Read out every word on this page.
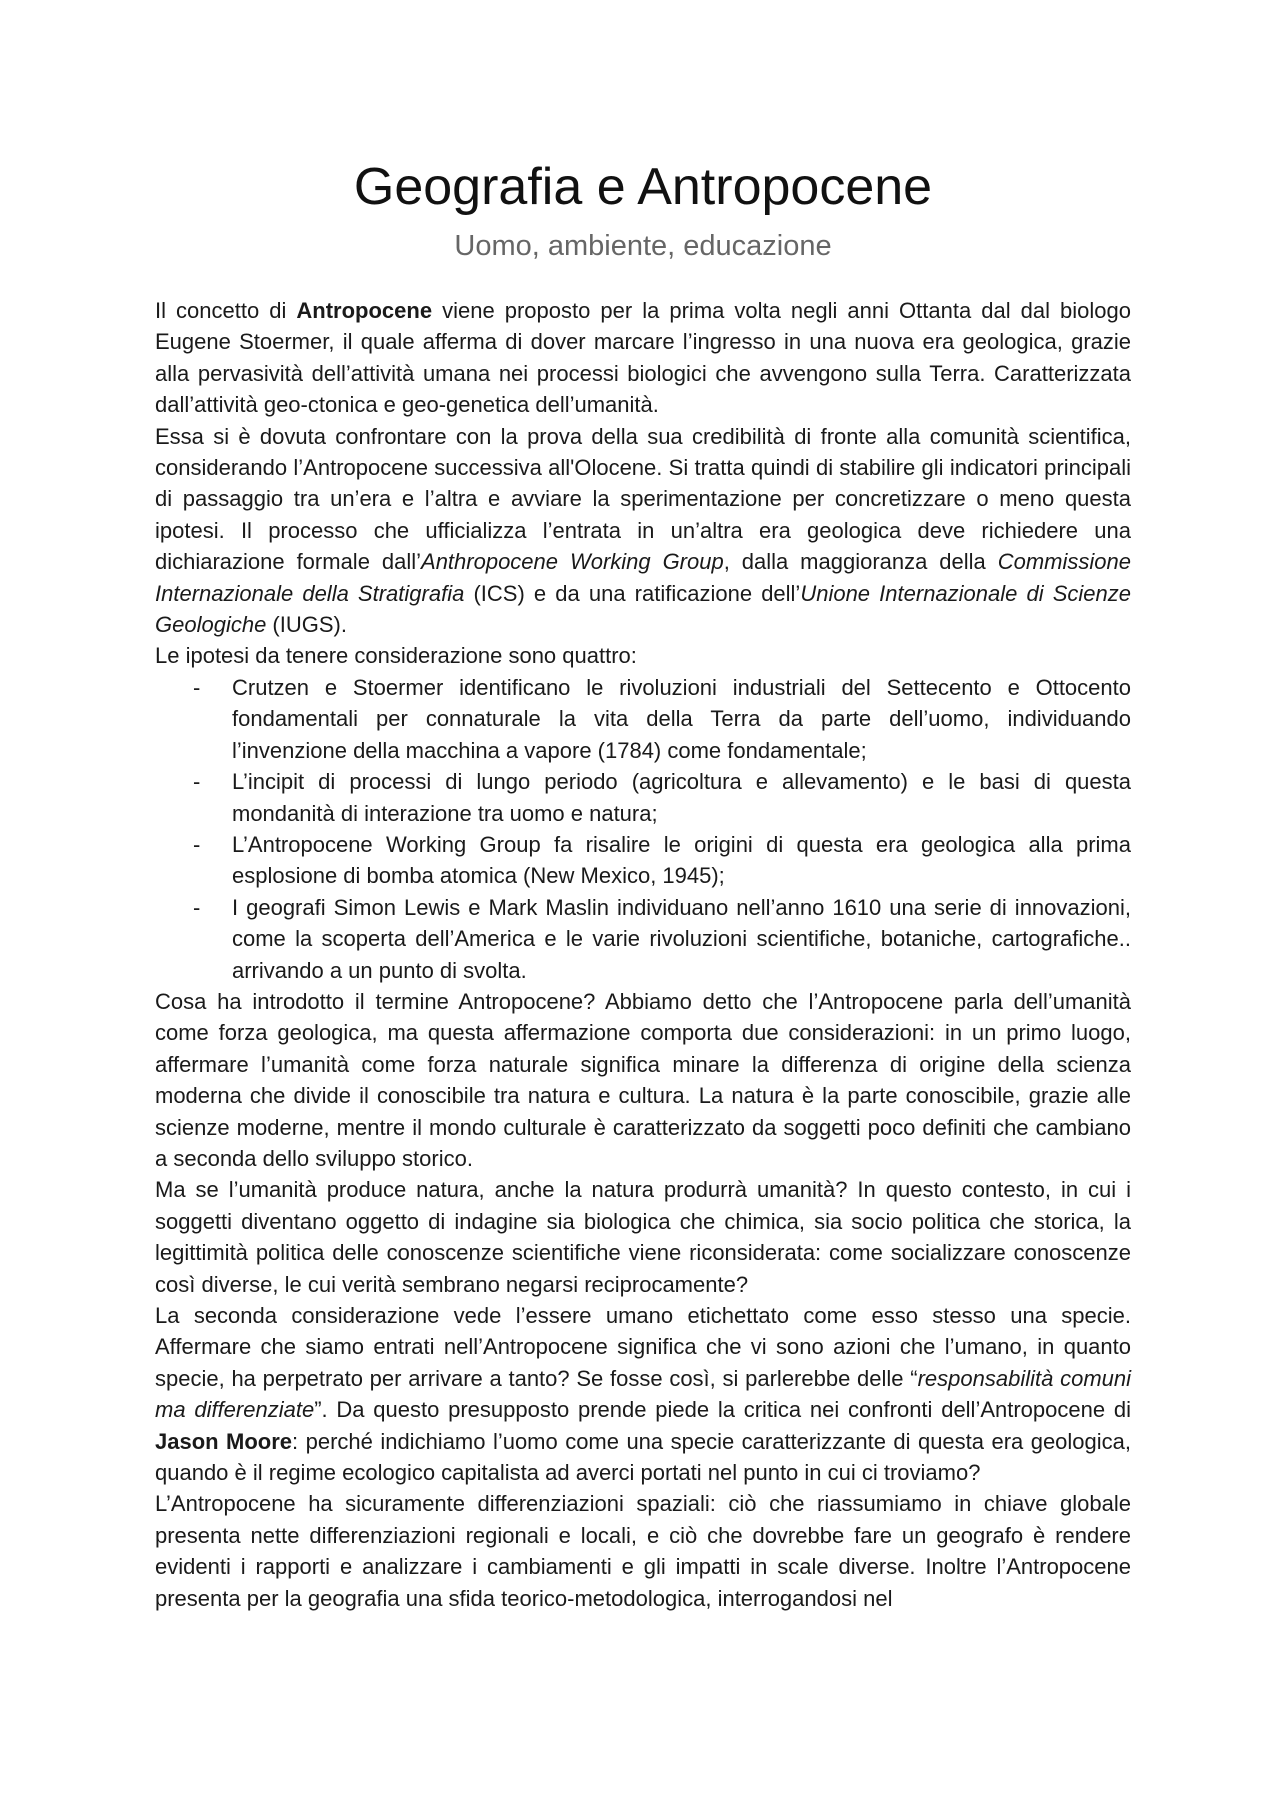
Geografia e Antropocene
Uomo, ambiente, educazione

Il concetto di Antropocene viene proposto per la prima volta negli anni Ottanta dal dal biologo Eugene Stoermer, il quale afferma di dover marcare l’ingresso in una nuova era geologica, grazie alla pervasività dell’attività umana nei processi biologici che avvengono sulla Terra. Caratterizzata dall’attività geo-ctonica e geo-genetica dell’umanità.

Essa si è dovuta confrontare con la prova della sua credibilità di fronte alla comunità scientifica, considerando l’Antropocene successiva all'Olocene. Si tratta quindi di stabilire gli indicatori principali di passaggio tra un’era e l’altra e avviare la sperimentazione per concretizzare o meno questa ipotesi. Il processo che ufficializza l’entrata in un’altra era geologica deve richiedere una dichiarazione formale dall’Anthropocene Working Group, dalla maggioranza della Commissione Internazionale della Stratigrafia (ICS) e da una ratificazione dell’Unione Internazionale di Scienze Geologiche (IUGS).

Le ipotesi da tenere considerazione sono quattro:

- Crutzen e Stoermer identificano le rivoluzioni industriali del Settecento e Ottocento fondamentali per connaturale la vita della Terra da parte dell’uomo, individuando l’invenzione della macchina a vapore (1784) come fondamentale;
- L’incipit di processi di lungo periodo (agricoltura e allevamento) e le basi di questa mondanità di interazione tra uomo e natura;
- L’Antropocene Working Group fa risalire le origini di questa era geologica alla prima esplosione di bomba atomica (New Mexico, 1945);
- I geografi Simon Lewis e Mark Maslin individuano nell’anno 1610 una serie di innovazioni, come la scoperta dell’America e le varie rivoluzioni scientifiche, botaniche, cartografiche.. arrivando a un punto di svolta.

Cosa ha introdotto il termine Antropocene? Abbiamo detto che l’Antropocene parla dell’umanità come forza geologica, ma questa affermazione comporta due considerazioni: in un primo luogo, affermare l’umanità come forza naturale significa minare la differenza di origine della scienza moderna che divide il conoscibile tra natura e cultura. La natura è la parte conoscibile, grazie alle scienze moderne, mentre il mondo culturale è caratterizzato da soggetti poco definiti che cambiano a seconda dello sviluppo storico.

Ma se l’umanità produce natura, anche la natura produrrà umanità? In questo contesto, in cui i soggetti diventano oggetto di indagine sia biologica che chimica, sia socio politica che storica, la legittimità politica delle conoscenze scientifiche viene riconsiderata: come socializzare conoscenze così diverse, le cui verità sembrano negarsi reciprocamente?

La seconda considerazione vede l’essere umano etichettato come esso stesso una specie. Affermare che siamo entrati nell’Antropocene significa che vi sono azioni che l’umano, in quanto specie, ha perpetrato per arrivare a tanto? Se fosse così, si parlerebbe delle “responsabilità comuni ma differenziate”. Da questo presupposto prende piede la critica nei confronti dell’Antropocene di Jason Moore: perché indichiamo l’uomo come una specie caratterizzante di questa era geologica, quando è il regime ecologico capitalista ad averci portati nel punto in cui ci troviamo?

L’Antropocene ha sicuramente differenziazioni spaziali: ciò che riassumiamo in chiave globale presenta nette differenziazioni regionali e locali, e ciò che dovrebbe fare un geografo è rendere evidenti i rapporti e analizzare i cambiamenti e gli impatti in scale diverse. Inoltre l’Antropocene presenta per la geografia una sfida teorico-metodologica, interrogandosi nel
